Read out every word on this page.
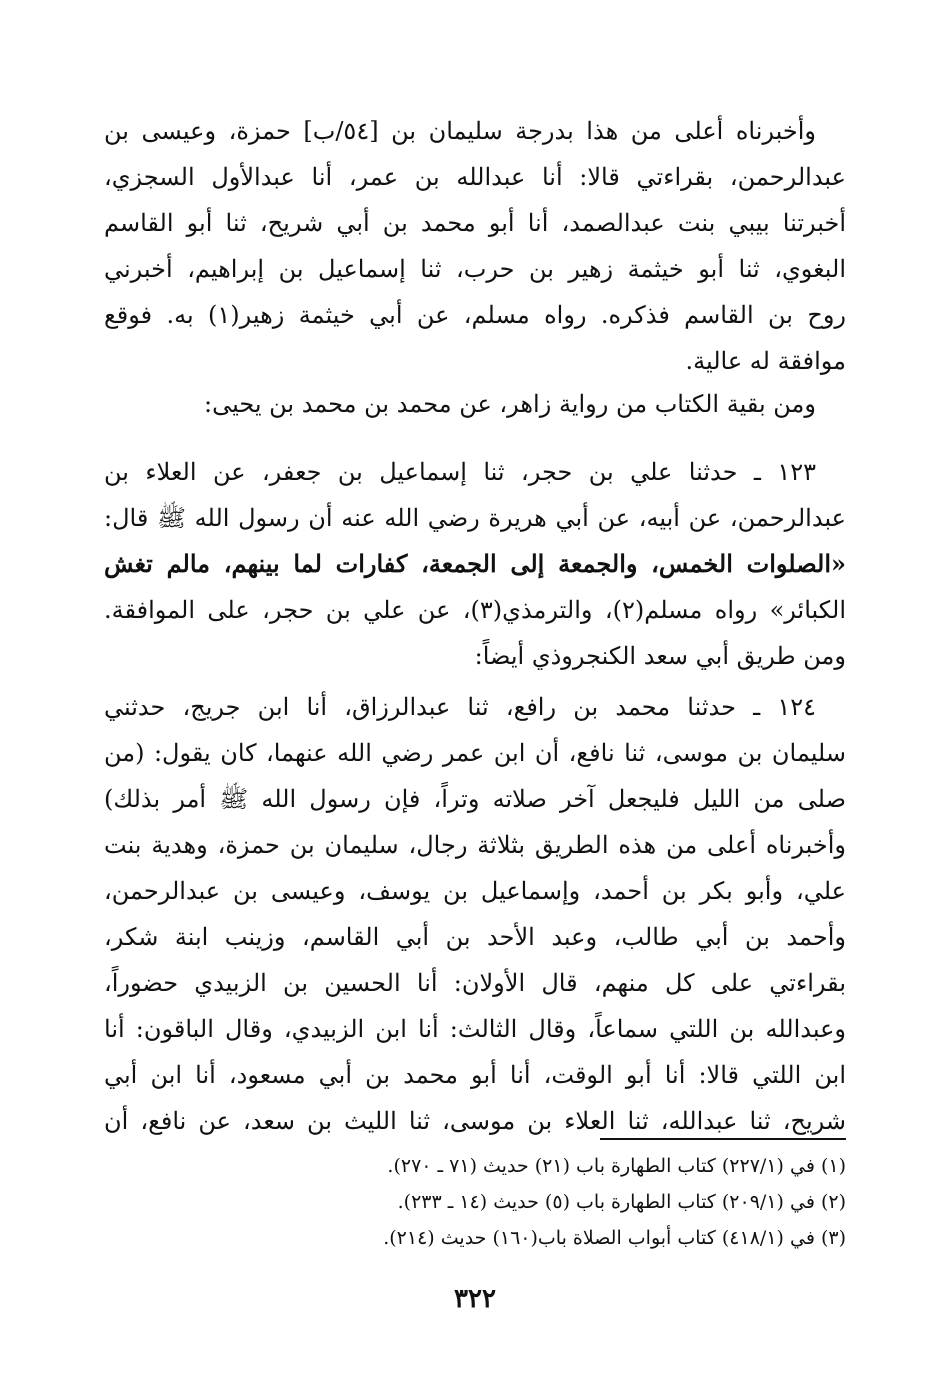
وأخبرناه أعلى من هذا بدرجة سليمان بن [٥٤/ب] حمزة، وعيسى بن
عبدالرحمن، بقراءتي قالا: أنا عبدالله بن عمر، أنا عبدالأول السجزي،
أخبرتنا بيبي بنت عبدالصمد، أنا أبو محمد بن أبي شريح، ثنا أبو القاسم
البغوي، ثنا أبو خيثمة زهير بن حرب، ثنا إسماعيل بن إبراهيم، أخبرني
روح بن القاسم فذكره. رواه مسلم، عن أبي خيثمة زهير(١) به. فوقع
موافقة له عالية.
ومن بقية الكتاب من رواية زاهر، عن محمد بن محمد بن يحيى:
١٢٣ ـ حدثنا علي بن حجر، ثنا إسماعيل بن جعفر، عن العلاء بن
عبدالرحمن، عن أبيه، عن أبي هريرة رضي الله عنه أن رسول الله ﷺ قال:
«الصلوات الخمس، والجمعة إلى الجمعة، كفارات لما بينهم، مالم تغش
الكبائر» رواه مسلم(٢)، والترمذي(٣)، عن علي بن حجر، على الموافقة.
ومن طريق أبي سعد الكنجروذي أيضاً:
١٢٤ ـ حدثنا محمد بن رافع، ثنا عبدالرزاق، أنا ابن جريج، حدثني
سليمان بن موسى، ثنا نافع، أن ابن عمر رضي الله عنهما، كان يقول: (من
صلى من الليل فليجعل آخر صلاته وتراً، فإن رسول الله ﷺ أمر بذلك)
وأخبرناه أعلى من هذه الطريق بثلاثة رجال، سليمان بن حمزة، وهدية بنت
علي، وأبو بكر بن أحمد، وإسماعيل بن يوسف، وعيسى بن عبدالرحمن،
وأحمد بن أبي طالب، وعبد الأحد بن أبي القاسم، وزينب ابنة شكر،
بقراءتي على كل منهم، قال الأولان: أنا الحسين بن الزبيدي حضوراً،
وعبدالله بن اللتي سماعاً، وقال الثالث: أنا ابن الزبيدي، وقال الباقون: أنا
ابن اللتي قالا: أنا أبو الوقت، أنا أبو محمد بن أبي مسعود، أنا ابن أبي
شريح، ثنا عبدالله، ثنا العلاء بن موسى، ثنا الليث بن سعد، عن نافع، أن
(١) في (٢٢٧/١) كتاب الطهارة باب (٢١) حديث (٧١ ـ ٢٧٠).
(٢) في (٢٠٩/١) كتاب الطهارة باب (٥) حديث (١٤ ـ ٢٣٣).
(٣) في (٤١٨/١) كتاب أبواب الصلاة باب(١٦٠) حديث (٢١٤).
٣٢٢
